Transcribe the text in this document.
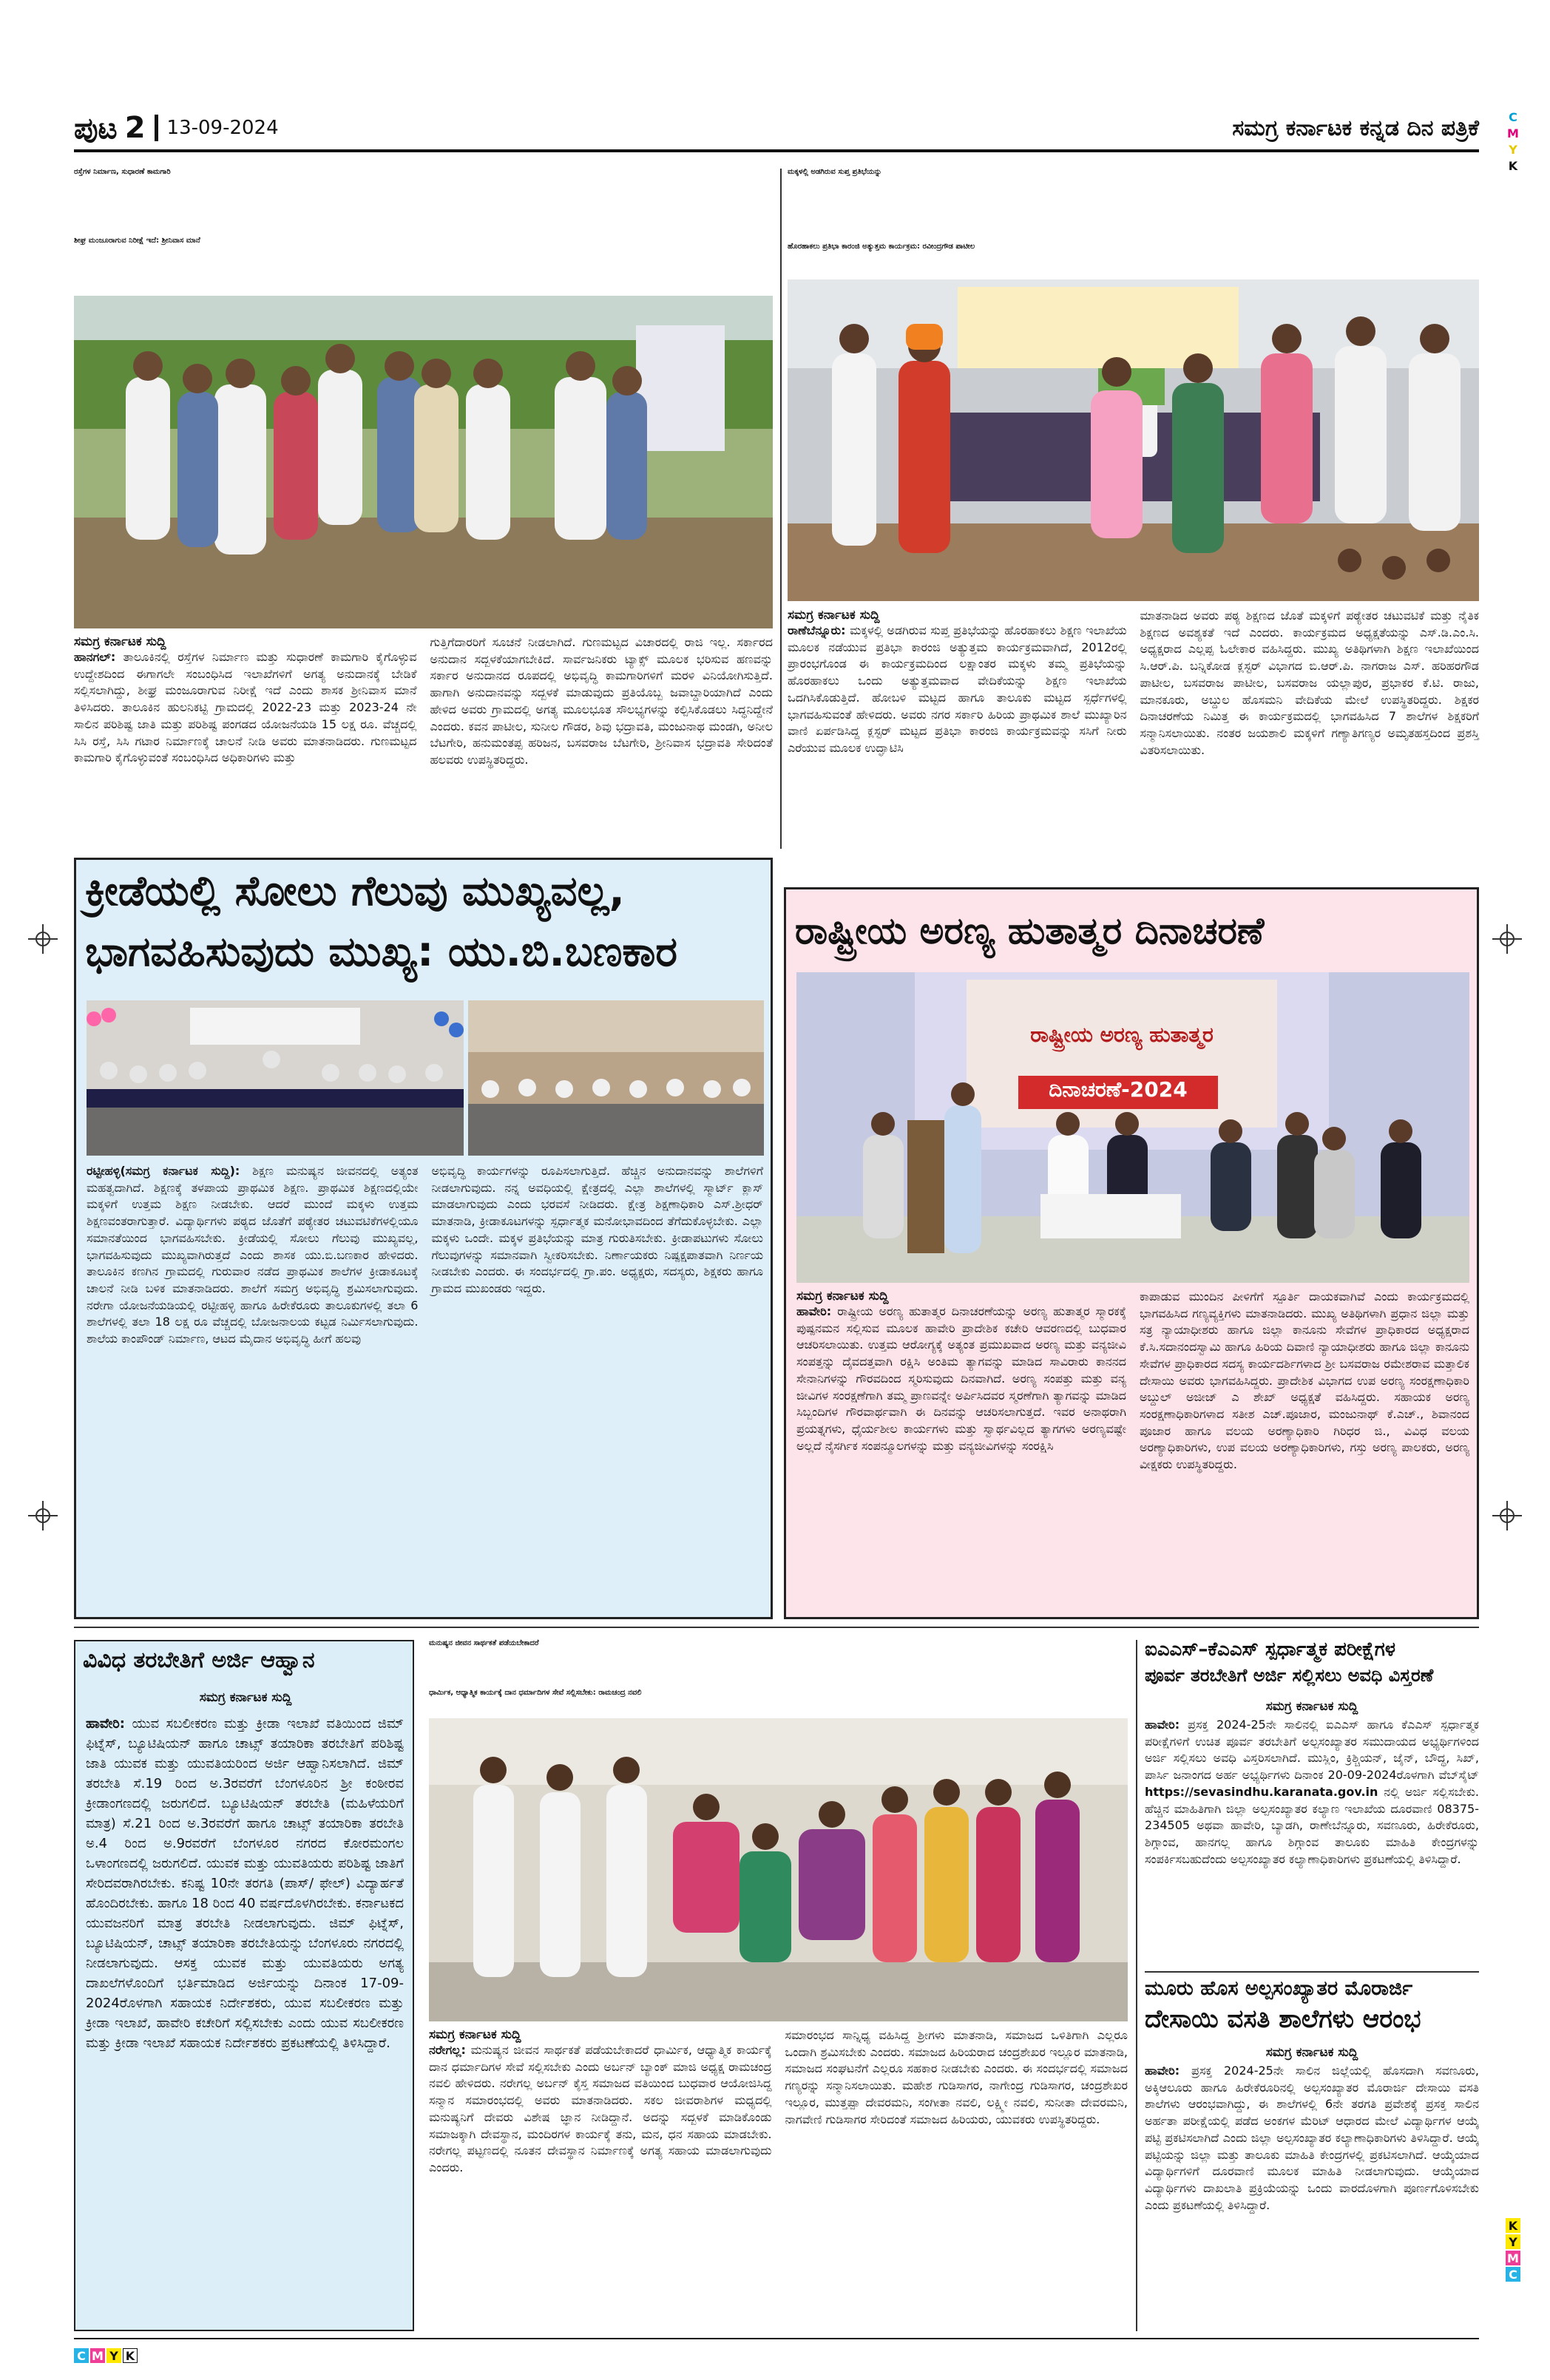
C
M
Y
K
K
Y
M
C
C M Y K
ಪುಟ 2 13-09-2024	ಸಮಗ್ರ ಕರ್ನಾಟಕ ಕನ್ನಡ ದಿನ ಪತ್ರಿಕೆ
ರಸ್ತೆಗಳ ನಿರ್ಮಾಣ, ಸುಧಾರಣೆ ಕಾಮಗಾರಿ
ಶೀಘ್ರ ಮಂಜೂರಾಗುವ ನಿರೀಕ್ಷೆ ಇದೆ: ಶ್ರೀನಿವಾಸ ಮಾನೆ
ಸಮಗ್ರ ಕರ್ನಾಟಕ ಸುದ್ದಿ
ಹಾನಗಲ್: ತಾಲೂಕಿನಲ್ಲಿ ರಸ್ತೆಗಳ ನಿರ್ಮಾಣ ಮತ್ತು ಸುಧಾರಣೆ ಕಾಮಗಾರಿ ಕೈಗೊಳ್ಳುವ ಉದ್ದೇಶದಿಂದ ಈಗಾಗಲೇ ಸಂಬಂಧಿಸಿದ ಇಲಾಖೆಗಳಿಗೆ ಅಗತ್ಯ ಅನುದಾನಕ್ಕೆ ಬೇಡಿಕೆ ಸಲ್ಲಿಸಲಾಗಿದ್ದು, ಶೀಘ್ರ ಮಂಜೂರಾಗುವ ನಿರೀಕ್ಷೆ ಇದೆ ಎಂದು ಶಾಸಕ ಶ್ರೀನಿವಾಸ ಮಾನೆ ತಿಳಿಸಿದರು. ತಾಲೂಕಿನ ಹುಲನಿಕಟ್ಟಿ ಗ್ರಾಮದಲ್ಲಿ 2022-23 ಮತ್ತು 2023-24 ನೇ ಸಾಲಿನ ಪರಿಶಿಷ್ಟ ಜಾತಿ ಮತ್ತು ಪರಿಶಿಷ್ಟ ಪಂಗಡದ ಯೋಜನೆಯಡಿ 15 ಲಕ್ಷ ರೂ. ವೆಚ್ಚದಲ್ಲಿ ಸಿಸಿ ರಸ್ತೆ, ಸಿಸಿ ಗಟಾರ ನಿರ್ಮಾಣಕ್ಕೆ ಚಾಲನೆ ನೀಡಿ ಅವರು ಮಾತನಾಡಿದರು. ಗುಣಮಟ್ಟದ ಕಾಮಗಾರಿ ಕೈಗೊಳ್ಳುವಂತೆ ಸಂಬಂಧಿಸಿದ ಅಧಿಕಾರಿಗಳು ಮತ್ತು
ಗುತ್ತಿಗೆದಾರರಿಗೆ ಸೂಚನೆ ನೀಡಲಾಗಿದೆ. ಗುಣಮಟ್ಟದ ವಿಚಾರದಲ್ಲಿ ರಾಜಿ ಇಲ್ಲ. ಸರ್ಕಾರದ ಅನುದಾನ ಸದ್ಬಳಕೆಯಾಗಬೇಕಿದೆ. ಸಾರ್ವಜನಿಕರು ಟ್ಯಾಕ್ಸ್ ಮೂಲಕ ಭರಿಸುವ ಹಣವನ್ನು ಸರ್ಕಾರ ಅನುದಾನದ ರೂಪದಲ್ಲಿ ಅಭಿವೃದ್ಧಿ ಕಾಮಗಾರಿಗಳಿಗೆ ಮರಳಿ ವಿನಿಯೋಗಿಸುತ್ತಿದೆ. ಹಾಗಾಗಿ ಅನುದಾನವನ್ನು ಸದ್ಬಳಕೆ ಮಾಡುವುದು ಪ್ರತಿಯೊಬ್ಬ ಜವಾಬ್ದಾರಿಯಾಗಿದೆ ಎಂದು ಹೇಳಿದ ಅವರು ಗ್ರಾಮದಲ್ಲಿ ಅಗತ್ಯ ಮೂಲಭೂತ ಸೌಲಭ್ಯಗಳನ್ನು ಕಲ್ಪಿಸಿಕೊಡಲು ಸಿದ್ಧನಿದ್ದೇನೆ ಎಂದರು. ಕವನ ಪಾಟೀಲ, ಸುನೀಲ ಗೌಡರ, ಶಿವು ಭದ್ರಾವತಿ, ಮಂಜುನಾಥ ಮಂಡಗಿ, ಅನೀಲ ಬೆಟಗೇರಿ, ಹನುಮಂತಪ್ಪ ಹರಿಜನ, ಬಸವರಾಜ ಬೆಟಗೇರಿ, ಶ್ರೀನಿವಾಸ ಭದ್ರಾವತಿ ಸೇರಿದಂತೆ ಹಲವರು ಉಪಸ್ಥಿತರಿದ್ದರು.
ಮಕ್ಕಳಲ್ಲಿ ಅಡಗಿರುವ ಸುಪ್ತ ಪ್ರತಿಭೆಯನ್ನು
ಹೊರಹಾಕಲು ಪ್ರತಿಭಾ ಕಾರಂಜಿ ಅತ್ಯುತ್ತಮ ಕಾರ್ಯಕ್ರಮ: ರವೀಂದ್ರಗೌಡ ಪಾಟೀಲ
ಸಮಗ್ರ ಕರ್ನಾಟಕ ಸುದ್ದಿ
ರಾಣೆಬೆನ್ನೂರು: ಮಕ್ಕಳಲ್ಲಿ ಅಡಗಿರುವ ಸುಪ್ತ ಪ್ರತಿಭೆಯನ್ನು ಹೊರಹಾಕಲು ಶಿಕ್ಷಣ ಇಲಾಖೆಯ ಮೂಲಕ ನಡೆಯುವ ಪ್ರತಿಭಾ ಕಾರಂಜಿ ಅತ್ಯುತ್ತಮ ಕಾರ್ಯಕ್ರಮವಾಗಿದೆ, 2012ರಲ್ಲಿ ಪ್ರಾರಂಭಗೊಂಡ ಈ ಕಾರ್ಯಕ್ರಮದಿಂದ ಲಕ್ಷಾಂತರ ಮಕ್ಕಳು ತಮ್ಮ ಪ್ರತಿಭೆಯನ್ನು ಹೊರಹಾಕಲು ಒಂದು ಅತ್ಯುತ್ತಮವಾದ ವೇದಿಕೆಯನ್ನು ಶಿಕ್ಷಣ ಇಲಾಖೆಯ ಒದಗಿಸಿಕೊಡುತ್ತಿದೆ. ಹೋಬಳಿ ಮಟ್ಟದ ಹಾಗೂ ತಾಲೂಕು ಮಟ್ಟದ ಸ್ಪರ್ಧೆಗಳಲ್ಲಿ ಭಾಗವಹಿಸುವಂತೆ ಹೇಳಿದರು. ಅವರು ನಗರ ಸರ್ಕಾರಿ ಹಿರಿಯ ಪ್ರಾಥಮಿಕ ಶಾಲೆ ಮುಖ್ಯಾರಿನ ವಾಣಿ ಏರ್ಪಡಿಸಿದ್ದ ಕ್ಲಸ್ಟರ್ ಮಟ್ಟದ ಪ್ರತಿಭಾ ಕಾರಂಜಿ ಕಾರ್ಯಕ್ರಮವನ್ನು ಸಸಿಗೆ ನೀರು ಎರೆಯುವ ಮೂಲಕ ಉದ್ಘಾಟಿಸಿ
ಮಾತನಾಡಿದ ಅವರು ಪಠ್ಯ ಶಿಕ್ಷಣದ ಜೊತೆ ಮಕ್ಕಳಿಗೆ ಪಠ್ಯೇತರ ಚಟುವಟಿಕೆ ಮತ್ತು ನೈತಿಕ ಶಿಕ್ಷಣದ ಅವಶ್ಯಕತೆ ಇದೆ ಎಂದರು. ಕಾರ್ಯಕ್ರಮದ ಅಧ್ಯಕ್ಷತೆಯನ್ನು ಎಸ್.ಡಿ.ಎಂ.ಸಿ. ಅಧ್ಯಕ್ಷರಾದ ಎಲ್ಲಪ್ಪ ಓಲೇಕಾರ ವಹಿಸಿದ್ದರು. ಮುಖ್ಯ ಅತಿಥಿಗಳಾಗಿ ಶಿಕ್ಷಣ ಇಲಾಖೆಯಿಂದ ಸಿ.ಆರ್.ಪಿ. ಬನ್ನಿಕೋಡ ಕ್ಲಸ್ಟರ್ ವಿಭಾಗದ ಬಿ.ಆರ್.ಪಿ. ನಾಗರಾಜ ಎಸ್. ಹರಿಹರಗೌಡ ಪಾಟೀಲ, ಬಸವರಾಜ ಪಾಟೀಲ, ಬಸವರಾಜ ಯಲ್ಲಾಪುರ, ಪ್ರಭಾಕರ ಕೆ.ಟಿ. ರಾಜು, ಮಾನಕೂರು, ಅಬ್ದುಲ ಹೊಸಮನಿ ವೇದಿಕೆಯ ಮೇಲೆ ಉಪಸ್ಥಿತರಿದ್ದರು. ಶಿಕ್ಷಕರ ದಿನಾಚರಣೆಯ ನಿಮಿತ್ತ ಈ ಕಾರ್ಯಕ್ರಮದಲ್ಲಿ ಭಾಗವಹಿಸಿದ 7 ಶಾಲೆಗಳ ಶಿಕ್ಷಕರಿಗೆ ಸನ್ಮಾನಿಸಲಾಯಿತು. ನಂತರ ಜಯಶಾಲಿ ಮಕ್ಕಳಿಗೆ ಗಣ್ಯಾತಿಗಣ್ಯರ ಅಮೃತಹಸ್ತದಿಂದ ಪ್ರಶಸ್ತಿ ವಿತರಿಸಲಾಯಿತು.
ಕ್ರೀಡೆಯಲ್ಲಿ ಸೋಲು ಗೆಲುವು ಮುಖ್ಯವಲ್ಲ,
ಭಾಗವಹಿಸುವುದು ಮುಖ್ಯ: ಯು.ಬಿ.ಬಣಕಾರ
ರಟ್ಟೀಹಳ್ಳಿ(ಸಮಗ್ರ ಕರ್ನಾಟಕ ಸುದ್ದಿ): ಶಿಕ್ಷಣ ಮನುಷ್ಯನ ಜೀವನದಲ್ಲಿ ಅತ್ಯಂತ ಮಹತ್ವದಾಗಿದೆ. ಶಿಕ್ಷಣಕ್ಕೆ ತಳಪಾಯ ಪ್ರಾಥಮಿಕ ಶಿಕ್ಷಣ. ಪ್ರಾಥಮಿಕ ಶಿಕ್ಷಣದಲ್ಲಿಯೇ ಮಕ್ಕಳಿಗೆ ಉತ್ತಮ ಶಿಕ್ಷಣ ನೀಡಬೇಕು. ಆದರೆ ಮುಂದೆ ಮಕ್ಕಳು ಉತ್ತಮ ಶಿಕ್ಷಣವಂತರಾಗುತ್ತಾರೆ. ವಿದ್ಯಾರ್ಥಿಗಳು ಪಠ್ಯದ ಜೊತೆಗೆ ಪಠ್ಯೇತರ ಚಟುವಟಿಕೆಗಳಲ್ಲಿಯೂ ಸಮಾನತೆಯಿಂದ ಭಾಗವಹಿಸಬೇಕು. ಕ್ರೀಡೆಯಲ್ಲಿ ಸೋಲು ಗೆಲುವು ಮುಖ್ಯವಲ್ಲ, ಭಾಗವಹಿಸುವುದು ಮುಖ್ಯವಾಗಿರುತ್ತದೆ ಎಂದು ಶಾಸಕ ಯು.ಬಿ.ಬಣಕಾರ ಹೇಳಿದರು. ತಾಲೂಕಿನ ಕಣಗಿನ ಗ್ರಾಮದಲ್ಲಿ ಗುರುವಾರ ನಡೆದ ಪ್ರಾಥಮಿಕ ಶಾಲೆಗಳ ಕ್ರೀಡಾಕೂಟಕ್ಕೆ ಚಾಲನೆ ನೀಡಿ ಬಳಿಕ ಮಾತನಾಡಿದರು. ಶಾಲೆಗೆ ಸಮಗ್ರ ಅಭಿವೃದ್ಧಿ ಶ್ರಮಿಸಲಾಗುವುದು. ನರೇಗಾ ಯೋಜನೆಯಡಿಯಲ್ಲಿ ರಟ್ಟೀಹಳ್ಳಿ ಹಾಗೂ ಹಿರೇಕೆರೂರು ತಾಲೂಕುಗಳಲ್ಲಿ ತಲಾ 6 ಶಾಲೆಗಳಲ್ಲಿ ತಲಾ 18 ಲಕ್ಷ ರೂ ವೆಚ್ಚದಲ್ಲಿ ಬೋಜನಾಲಯ ಕಟ್ಟಡ ನಿರ್ಮಿಸಲಾಗುವುದು. ಶಾಲೆಯ ಕಾಂಪೌಂಡ್ ನಿರ್ಮಾಣ, ಆಟದ ಮೈದಾನ ಅಭಿವೃದ್ಧಿ ಹೀಗೆ ಹಲವು
ಅಭಿವೃದ್ಧಿ ಕಾರ್ಯಗಳನ್ನು ರೂಪಿಸಲಾಗುತ್ತಿದೆ. ಹೆಚ್ಚಿನ ಅನುದಾನವನ್ನು ಶಾಲೆಗಳಿಗೆ ನೀಡಲಾಗುವುದು. ನನ್ನ ಅವಧಿಯಲ್ಲಿ ಕ್ಷೇತ್ರದಲ್ಲಿ ಎಲ್ಲಾ ಶಾಲೆಗಳಲ್ಲಿ ಸ್ಮಾರ್ಟ್ ಕ್ಲಾಸ್ ಮಾಡಲಾಗುವುದು ಎಂದು ಭರವಸೆ ನೀಡಿದರು. ಕ್ಷೇತ್ರ ಶಿಕ್ಷಣಾಧಿಕಾರಿ ಎಸ್.ಶ್ರೀಧರ್ ಮಾತನಾಡಿ, ಕ್ರೀಡಾಕೂಟಗಳನ್ನು ಸ್ಪರ್ಧಾತ್ಮಕ ಮನೋಭಾವದಿಂದ ತೆಗೆದುಕೊಳ್ಳಬೇಕು. ಎಲ್ಲಾ ಮಕ್ಕಳು ಒಂದೇ. ಮಕ್ಕಳ ಪ್ರತಿಭೆಯನ್ನು ಮಾತ್ರ ಗುರುತಿಸಬೇಕು. ಕ್ರೀಡಾಪಟುಗಳು ಸೋಲು ಗೆಲುವುಗಳನ್ನು ಸಮಾನವಾಗಿ ಸ್ವೀಕರಿಸಬೇಕು. ನಿರ್ಣಾಯಕರು ನಿಷ್ಪಕ್ಷಪಾತವಾಗಿ ನಿರ್ಣಯ ನೀಡಬೇಕು ಎಂದರು. ಈ ಸಂದರ್ಭದಲ್ಲಿ ಗ್ರಾ.ಪಂ. ಅಧ್ಯಕ್ಷರು, ಸದಸ್ಯರು, ಶಿಕ್ಷಕರು ಹಾಗೂ ಗ್ರಾಮದ ಮುಖಂಡರು ಇದ್ದರು.
ರಾಷ್ಟ್ರೀಯ ಅರಣ್ಯ ಹುತಾತ್ಮರ ದಿನಾಚರಣೆ
ರಾಷ್ಟ್ರೀಯ ಅರಣ್ಯ ಹುತಾತ್ಮರ
ದಿನಾಚರಣೆ-2024
ಸಮಗ್ರ ಕರ್ನಾಟಕ ಸುದ್ದಿ
ಹಾವೇರಿ: ರಾಷ್ಟ್ರೀಯ ಅರಣ್ಯ ಹುತಾತ್ಮರ ದಿನಾಚರಣೆಯನ್ನು ಅರಣ್ಯ ಹುತಾತ್ಮರ ಸ್ಮಾರಕಕ್ಕೆ ಪುಷ್ಪನಮನ ಸಲ್ಲಿಸುವ ಮೂಲಕ ಹಾವೇರಿ ಪ್ರಾದೇಶಿಕ ಕಚೇರಿ ಆವರಣದಲ್ಲಿ ಬುಧವಾರ ಆಚರಿಸಲಾಯಿತು. ಉತ್ತಮ ಆರೋಗ್ಯಕ್ಕೆ ಅತ್ಯಂತ ಪ್ರಮುಖವಾದ ಅರಣ್ಯ ಮತ್ತು ವನ್ಯಜೀವಿ ಸಂಪತ್ತನ್ನು ದೈವದತ್ತವಾಗಿ ರಕ್ಷಿಸಿ ಅಂತಿಮ ತ್ಯಾಗವನ್ನು ಮಾಡಿದ ಸಾವಿರಾರು ಕಾನನದ ಸೇನಾನಿಗಳನ್ನು ಗೌರವದಿಂದ ಸ್ಮರಿಸುವುದು ದಿನವಾಗಿದೆ. ಅರಣ್ಯ ಸಂಪತ್ತು ಮತ್ತು ವನ್ಯ ಜೀವಿಗಳ ಸಂರಕ್ಷಣೆಗಾಗಿ ತಮ್ಮ ಪ್ರಾಣವನ್ನೇ ಅರ್ಪಿಸಿದವರ ಸ್ಮರಣೆಗಾಗಿ ತ್ಯಾಗವನ್ನು ಮಾಡಿದ ಸಿಬ್ಬಂದಿಗಳ ಗೌರವಾರ್ಥವಾಗಿ ಈ ದಿನವನ್ನು ಆಚರಿಸಲಾಗುತ್ತದೆ. ಇವರ ಅನಾಥರಾಗಿ ಪ್ರಯತ್ನಗಳು, ಧೈರ್ಯಶೀಲ ಕಾರ್ಯಗಳು ಮತ್ತು ಸ್ವಾರ್ಥವಿಲ್ಲದ ತ್ಯಾಗಗಳು ಅರಣ್ಯವಷ್ಟೇ ಅಲ್ಲದೆ ನೈಸರ್ಗಿಕ ಸಂಪನ್ಮೂಲಗಳನ್ನು ಮತ್ತು ವನ್ಯಜೀವಿಗಳನ್ನು ಸಂರಕ್ಷಿಸಿ
ಕಾಪಾಡುವ ಮುಂದಿನ ಪೀಳಿಗೆಗೆ ಸ್ಪೂರ್ತಿ ದಾಯಕವಾಗಿವೆ ಎಂದು ಕಾರ್ಯಕ್ರಮದಲ್ಲಿ ಭಾಗವಹಿಸಿದ ಗಣ್ಯವ್ಯಕ್ತಿಗಳು ಮಾತನಾಡಿದರು. ಮುಖ್ಯ ಅತಿಥಿಗಳಾಗಿ ಪ್ರಧಾನ ಜಿಲ್ಲಾ ಮತ್ತು ಸತ್ರ ನ್ಯಾಯಾಧೀಶರು ಹಾಗೂ ಜಿಲ್ಲಾ ಕಾನೂನು ಸೇವೆಗಳ ಪ್ರಾಧಿಕಾರದ ಅಧ್ಯಕ್ಷರಾದ ಕೆ.ಸಿ.ಸದಾನಂದಸ್ವಾಮಿ ಹಾಗೂ ಹಿರಿಯ ದಿವಾಣಿ ನ್ಯಾಯಾಧೀಶರು ಹಾಗೂ ಜಿಲ್ಲಾ ಕಾನೂನು ಸೇವೆಗಳ ಪ್ರಾಧಿಕಾರದ ಸದಸ್ಯ ಕಾರ್ಯದರ್ಶಿಗಳಾದ ಶ್ರೀ ಬಸವರಾಜ ರಮೇಶರಾವ ಮತ್ತಾಲಿಕ ದೇಸಾಯಿ ಅವರು ಭಾಗವಹಿಸಿದ್ದರು. ಪ್ರಾದೇಶಿಕ ವಿಭಾಗದ ಉಪ ಅರಣ್ಯ ಸಂರಕ್ಷಣಾಧಿಕಾರಿ ಅಬ್ದುಲ್ ಅಜೀಜ್ ಎ ಶೇಖ್ ಅಧ್ಯಕ್ಷತೆ ವಹಿಸಿದ್ದರು. ಸಹಾಯಕ ಅರಣ್ಯ ಸಂರಕ್ಷಣಾಧಿಕಾರಿಗಳಾದ ಸತೀಶ ಎಚ್.ಪೂಜಾರ, ಮಂಜುನಾಥ್ ಕೆ.ಎಚ್., ಶಿವಾನಂದ ಪೂಜಾರ ಹಾಗೂ ವಲಯ ಅರಣ್ಯಾಧಿಕಾರಿ ಗಿರಿಧರ ಜಿ., ವಿವಿಧ ವಲಯ ಅರಣ್ಯಾಧಿಕಾರಿಗಳು, ಉಪ ವಲಯ ಅರಣ್ಯಾಧಿಕಾರಿಗಳು, ಗಸ್ತು ಅರಣ್ಯ ಪಾಲಕರು, ಅರಣ್ಯ ವೀಕ್ಷಕರು ಉಪಸ್ಥಿತರಿದ್ದರು.
ವಿವಿಧ ತರಬೇತಿಗೆ ಅರ್ಜಿ ಆಹ್ವಾನ
ಸಮಗ್ರ ಕರ್ನಾಟಕ ಸುದ್ದಿ
ಹಾವೇರಿ: ಯುವ ಸಬಲೀಕರಣ ಮತ್ತು ಕ್ರೀಡಾ ಇಲಾಖೆ ವತಿಯಿಂದ ಜಿಮ್ ಫಿಟ್ನೆಸ್, ಬ್ಯೂಟಿಷಿಯನ್ ಹಾಗೂ ಚಾಟ್ಸ್ ತಯಾರಿಕಾ ತರಬೇತಿಗೆ ಪರಿಶಿಷ್ಟ ಜಾತಿ ಯುವಕ ಮತ್ತು ಯುವತಿಯರಿಂದ ಅರ್ಜಿ ಆಹ್ವಾನಿಸಲಾಗಿದೆ. ಜಿಮ್ ತರಬೇತಿ ಸೆ.19 ರಿಂದ ಅ.3ರವರೆಗೆ ಬೆಂಗಳೂರಿನ ಶ್ರೀ ಕಂಠೀರವ ಕ್ರೀಡಾಂಗಣದಲ್ಲಿ ಜರುಗಲಿದೆ. ಬ್ಯೂಟಿಷಿಯನ್ ತರಬೇತಿ (ಮಹಿಳೆಯರಿಗೆ ಮಾತ್ರ) ಸೆ.21 ರಿಂದ ಅ.3ರವರೆಗೆ ಹಾಗೂ ಚಾಟ್ಸ್ ತಯಾರಿಕಾ ತರಬೇತಿ ಅ.4 ರಿಂದ ಅ.9ರವರೆಗೆ ಬೆಂಗಳೂರ ನಗರದ ಕೋರಮಂಗಲ ಒಳಾಂಗಣದಲ್ಲಿ ಜರುಗಲಿದೆ. ಯುವಕ ಮತ್ತು ಯುವತಿಯರು ಪರಿಶಿಷ್ಟ ಜಾತಿಗೆ ಸೇರಿದವರಾಗಿರಬೇಕು. ಕನಿಷ್ಟ 10ನೇ ತರಗತಿ (ಪಾಸ್/ ಫೇಲ್) ವಿದ್ಯಾರ್ಹತೆ ಹೊಂದಿರಬೇಕು. ಹಾಗೂ 18 ರಿಂದ 40 ವರ್ಷದೊಳಗಿರಬೇಕು. ಕರ್ನಾಟಕದ ಯುವಜನರಿಗೆ ಮಾತ್ರ ತರಬೇತಿ ನೀಡಲಾಗುವುದು. ಜಿಮ್ ಫಿಟ್ನೆಸ್, ಬ್ಯೂಟಿಷಿಯನ್, ಚಾಟ್ಸ್ ತಯಾರಿಕಾ ತರಬೇತಿಯನ್ನು ಬೆಂಗಳೂರು ನಗರದಲ್ಲಿ ನೀಡಲಾಗುವುದು. ಆಸಕ್ತ ಯುವಕ ಮತ್ತು ಯುವತಿಯರು ಅಗತ್ಯ ದಾಖಲೆಗಳೊಂದಿಗೆ ಭರ್ತಿಮಾಡಿದ ಅರ್ಜಿಯನ್ನು ದಿನಾಂಕ 17-09-2024ರೊಳಗಾಗಿ ಸಹಾಯಕ ನಿರ್ದೇಶಕರು, ಯುವ ಸಬಲೀಕರಣ ಮತ್ತು ಕ್ರೀಡಾ ಇಲಾಖೆ, ಹಾವೇರಿ ಕಚೇರಿಗೆ ಸಲ್ಲಿಸಬೇಕು ಎಂದು ಯುವ ಸಬಲೀಕರಣ ಮತ್ತು ಕ್ರೀಡಾ ಇಲಾಖೆ ಸಹಾಯಕ ನಿರ್ದೇಶಕರು ಪ್ರಕಟಣೆಯಲ್ಲಿ ತಿಳಿಸಿದ್ದಾರೆ.
ಮನುಷ್ಯನ ಜೀವನ ಸಾರ್ಥಕತೆ ಪಡೆಯಬೇಕಾದರೆ
ಧಾರ್ಮಿಕ, ಆಧ್ಯಾತ್ಮಿಕ ಕಾರ್ಯಕ್ಕೆ ದಾನ ಧರ್ಮಾದಿಗಳ ಸೇವೆ ಸಲ್ಲಿಸಬೇಕು: ರಾಮಚಂದ್ರ ನವಲಿ
ಸಮಗ್ರ ಕರ್ನಾಟಕ ಸುದ್ದಿ
ನರೇಗಲ್ಲ: ಮನುಷ್ಯನ ಜೀವನ ಸಾರ್ಥಕತೆ ಪಡೆಯಬೇಕಾದರೆ ಧಾರ್ಮಿಕ, ಆಧ್ಯಾತ್ಮಿಕ ಕಾರ್ಯಕ್ಕೆ ದಾನ ಧರ್ಮಾದಿಗಳ ಸೇವೆ ಸಲ್ಲಿಸಬೇಕು ಎಂದು ಅರ್ಬನ್ ಬ್ಯಾಂಕ್ ಮಾಜಿ ಅಧ್ಯಕ್ಷ ರಾಮಚಂದ್ರ ನವಲಿ ಹೇಳಿದರು. ನರೇಗಲ್ಲ ಅರ್ಬನ್ ಕೈಸ್ತ ಸಮಾಜದ ವತಿಯಿಂದ ಬುಧವಾರ ಆಯೋಜಿಸಿದ್ದ ಸನ್ಮಾನ ಸಮಾರಂಭದಲ್ಲಿ ಅವರು ಮಾತನಾಡಿದರು. ಸಕಲ ಜೀವರಾಶಿಗಳ ಮಧ್ಯದಲ್ಲಿ ಮನುಷ್ಯನಿಗೆ ದೇವರು ವಿಶೇಷ ಜ್ಞಾನ ನೀಡಿದ್ದಾನೆ. ಅದನ್ನು ಸದ್ಬಳಕೆ ಮಾಡಿಕೊಂಡು ಸಮಾಜಕ್ಕಾಗಿ ದೇವಸ್ಥಾನ, ಮಂದಿರಗಳ ಕಾರ್ಯಕ್ಕೆ ತನು, ಮನ, ಧನ ಸಹಾಯ ಮಾಡಬೇಕು. ನರೇಗಲ್ಲ ಪಟ್ಟಣದಲ್ಲಿ ನೂತನ ದೇವಸ್ಥಾನ ನಿರ್ಮಾಣಕ್ಕೆ ಅಗತ್ಯ ಸಹಾಯ ಮಾಡಲಾಗುವುದು ಎಂದರು.
ಸಮಾರಂಭದ ಸಾನ್ನಿಧ್ಯ ವಹಿಸಿದ್ದ ಶ್ರೀಗಳು ಮಾತನಾಡಿ, ಸಮಾಜದ ಒಳಿತಿಗಾಗಿ ಎಲ್ಲರೂ ಒಂದಾಗಿ ಶ್ರಮಿಸಬೇಕು ಎಂದರು. ಸಮಾಜದ ಹಿರಿಯರಾದ ಚಂದ್ರಶೇಖರ ಇಲ್ಲೂರ ಮಾತನಾಡಿ, ಸಮಾಜದ ಸಂಘಟನೆಗೆ ಎಲ್ಲರೂ ಸಹಕಾರ ನೀಡಬೇಕು ಎಂದರು. ಈ ಸಂದರ್ಭದಲ್ಲಿ ಸಮಾಜದ ಗಣ್ಯರನ್ನು ಸನ್ಮಾನಿಸಲಾಯಿತು. ಮಹೇಶ ಗುಡಿಸಾಗರ, ನಾಗೇಂದ್ರ ಗುಡಿಸಾಗರ, ಚಂದ್ರಶೇಖರ ಇಲ್ಲೂರ, ಮುತ್ತಪ್ಪಾ ದೇವರಮನಿ, ಸಂಗೀತಾ ನವಲಿ, ಲಕ್ಷ್ಮೀ ನವಲಿ, ಸುನೀತಾ ದೇವರಮನಿ, ನಾಗವೇಣಿ ಗುಡಿಸಾಗರ ಸೇರಿದಂತೆ ಸಮಾಜದ ಹಿರಿಯರು, ಯುವಕರು ಉಪಸ್ಥಿತರಿದ್ದರು.
ಐಎಎಸ್–ಕೆಎಎಸ್ ಸ್ಪರ್ಧಾತ್ಮಕ ಪರೀಕ್ಷೆಗಳ
ಪೂರ್ವ ತರಬೇತಿಗೆ ಅರ್ಜಿ ಸಲ್ಲಿಸಲು ಅವಧಿ ವಿಸ್ತರಣೆ
ಸಮಗ್ರ ಕರ್ನಾಟಕ ಸುದ್ದಿ
ಹಾವೇರಿ: ಪ್ರಸಕ್ತ 2024-25ನೇ ಸಾಲಿನಲ್ಲಿ ಐಎಎಸ್ ಹಾಗೂ ಕೆಎಎಸ್ ಸ್ಪರ್ಧಾತ್ಮಕ ಪರೀಕ್ಷೆಗಳಿಗೆ ಉಚಿತ ಪೂರ್ವ ತರಬೇತಿಗೆ ಅಲ್ಪಸಂಖ್ಯಾತರ ಸಮುದಾಯದ ಅಭ್ಯರ್ಥಿಗಳಿಂದ ಅರ್ಜಿ ಸಲ್ಲಿಸಲು ಅವಧಿ ವಿಸ್ತರಿಸಲಾಗಿದೆ. ಮುಸ್ಲಿಂ, ಕ್ರಿಶ್ಚಿಯನ್, ಜೈನ್, ಬೌದ್ಧ, ಸಿಖ್, ಪಾರ್ಸಿ ಜನಾಂಗದ ಅರ್ಹ ಅಭ್ಯರ್ಥಿಗಳು ದಿನಾಂಕ 20-09-2024ರೊಳಗಾಗಿ ವೆಬ್‌ಸೈಟ್ https://sevasindhu.karanata.gov.in ನಲ್ಲಿ ಅರ್ಜಿ ಸಲ್ಲಿಸಬೇಕು. ಹೆಚ್ಚಿನ ಮಾಹಿತಿಗಾಗಿ ಜಿಲ್ಲಾ ಅಲ್ಪಸಂಖ್ಯಾತರ ಕಲ್ಯಾಣ ಇಲಾಖೆಯ ದೂರವಾಣಿ 08375-234505 ಅಥವಾ ಹಾವೇರಿ, ಬ್ಯಾಡಗಿ, ರಾಣೇಬೆನ್ನೂರು, ಸವಣೂರು, ಹಿರೇಕೆರೂರು, ಶಿಗ್ಗಾಂವ, ಹಾನಗಲ್ಲ ಹಾಗೂ ಶಿಗ್ಗಾಂವ ತಾಲೂಕು ಮಾಹಿತಿ ಕೇಂದ್ರಗಳನ್ನು ಸಂಪರ್ಕಿಸಬಹುದೆಂದು ಅಲ್ಪಸಂಖ್ಯಾತರ ಕಲ್ಯಾಣಾಧಿಕಾರಿಗಳು ಪ್ರಕಟಣೆಯಲ್ಲಿ ತಿಳಿಸಿದ್ದಾರೆ.
ಮೂರು ಹೊಸ ಅಲ್ಪಸಂಖ್ಯಾತರ ಮೊರಾರ್ಜಿ
ದೇಸಾಯಿ ವಸತಿ ಶಾಲೆಗಳು ಆರಂಭ
ಸಮಗ್ರ ಕರ್ನಾಟಕ ಸುದ್ದಿ
ಹಾವೇರಿ: ಪ್ರಸಕ್ತ 2024-25ನೇ ಸಾಲಿನ ಜಿಲ್ಲೆಯಲ್ಲಿ ಹೊಸದಾಗಿ ಸವಣೂರು, ಅಕ್ಕಿಆಲೂರು ಹಾಗೂ ಹಿರೇಕೆರೂರಿನಲ್ಲಿ ಅಲ್ಪಸಂಖ್ಯಾತರ ಮೊರಾರ್ಜಿ ದೇಸಾಯಿ ವಸತಿ ಶಾಲೆಗಳು ಆರಂಭವಾಗಿದ್ದು, ಈ ಶಾಲೆಗಳಲ್ಲಿ 6ನೇ ತರಗತಿ ಪ್ರವೇಶಕ್ಕೆ ಪ್ರಸಕ್ತ ಸಾಲಿನ ಅರ್ಹತಾ ಪರೀಕ್ಷೆಯಲ್ಲಿ ಪಡೆದ ಅಂಕಗಳ ಮೆರಿಟ್ ಆಧಾರದ ಮೇಲೆ ವಿದ್ಯಾರ್ಥಿಗಳ ಆಯ್ಕೆ ಪಟ್ಟಿ ಪ್ರಕಟಿಸಲಾಗಿದೆ ಎಂದು ಜಿಲ್ಲಾ ಅಲ್ಪಸಂಖ್ಯಾತರ ಕಲ್ಯಾಣಾಧಿಕಾರಿಗಳು ತಿಳಿಸಿದ್ದಾರೆ. ಆಯ್ಕೆ ಪಟ್ಟಿಯನ್ನು ಜಿಲ್ಲಾ ಮತ್ತು ತಾಲೂಕು ಮಾಹಿತಿ ಕೇಂದ್ರಗಳಲ್ಲಿ ಪ್ರಕಟಿಸಲಾಗಿದೆ. ಆಯ್ಕೆಯಾದ ವಿದ್ಯಾರ್ಥಿಗಳಿಗೆ ದೂರವಾಣಿ ಮೂಲಕ ಮಾಹಿತಿ ನೀಡಲಾಗುವುದು. ಆಯ್ಕೆಯಾದ ವಿದ್ಯಾರ್ಥಿಗಳು ದಾಖಲಾತಿ ಪ್ರಕ್ರಿಯೆಯನ್ನು ಒಂದು ವಾರದೊಳಗಾಗಿ ಪೂರ್ಣಗೊಳಿಸಬೇಕು ಎಂದು ಪ್ರಕಟಣೆಯಲ್ಲಿ ತಿಳಿಸಿದ್ದಾರೆ.
